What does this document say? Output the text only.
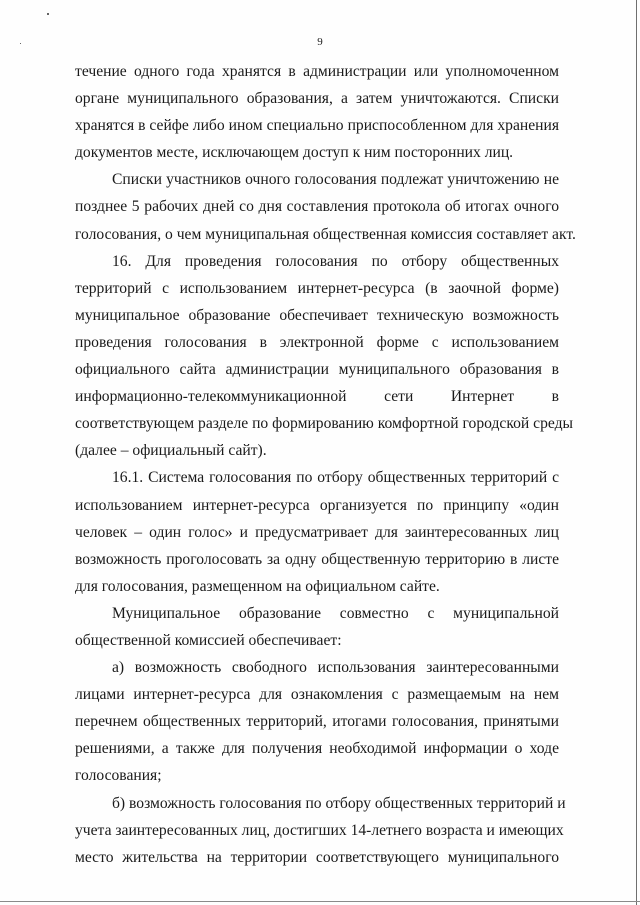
9
течение одного года хранятся в администрации или уполномоченном
органе муниципального образования, а затем уничтожаются. Списки
хранятся в сейфе либо ином специально приспособленном для хранения
документов месте, исключающем доступ к ним посторонних лиц.
Списки участников очного голосования подлежат уничтожению не
позднее 5 рабочих дней со дня составления протокола об итогах очного
голосования, о чем муниципальная общественная комиссия составляет акт.
16. Для проведения голосования по отбору общественных
территорий с использованием интернет-ресурса (в заочной форме)
муниципальное образование обеспечивает техническую возможность
проведения голосования в электронной форме с использованием
официального сайта администрации муниципального образования в
информационно-телекоммуникационной сети Интернет в
соответствующем разделе по формированию комфортной городской среды
(далее – официальный сайт).
16.1. Система голосования по отбору общественных территорий с
использованием интернет-ресурса организуется по принципу «один
человек – один голос» и предусматривает для заинтересованных лиц
возможность проголосовать за одну общественную территорию в листе
для голосования, размещенном на официальном сайте.
Муниципальное образование совместно с муниципальной
общественной комиссией обеспечивает:
а) возможность свободного использования заинтересованными
лицами интернет-ресурса для ознакомления с размещаемым на нем
перечнем общественных территорий, итогами голосования, принятыми
решениями, а также для получения необходимой информации о ходе
голосования;
б) возможность голосования по отбору общественных территорий и
учета заинтересованных лиц, достигших 14-летнего возраста и имеющих
место жительства на территории соответствующего муниципального
